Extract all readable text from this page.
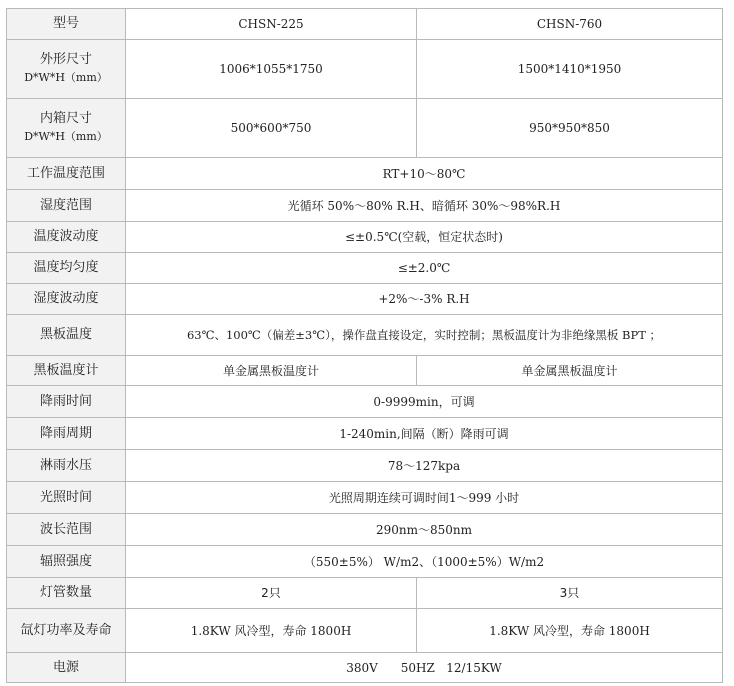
型号	CHSN-225	CHSN-760

外形尺寸
D*W*H（mm）	1006*1055*1750	1500*1410*1950

内箱尺寸
D*W*H（mm）	500*600*750	950*950*850
工作温度范围	RT+10～80℃	
湿度范围	光循环 50%～80% R.H、暗循环 30%～98%R.H	
温度波动度	≤±0.5℃(空载，恒定状态时)	
温度均匀度	≤±2.0℃	
湿度波动度	+2%～-3% R.H	
黑板温度	63℃、100℃（偏差±3℃），操作盘直接设定，实时控制；黑板温度计为非绝缘黑板 BPT ；	
黑板温度计	单金属黑板温度计	单金属黑板温度计
降雨时间	0-9999min，可调	
降雨周期	1-240min,间隔（断）降雨可调	
淋雨水压	78～127kpa	
光照时间	光照周期连续可调时间1～999 小时	
波长范围	290nm～850nm	
辐照强度	（550±5%） W/m2、（1000±5%）W/m2	
灯管数量	2只	3只
氙灯功率及寿命	1.8KW 风冷型，寿命 1800H	1.8KW 风冷型，寿命 1800H
电源	380V      50HZ   12/15KW	
